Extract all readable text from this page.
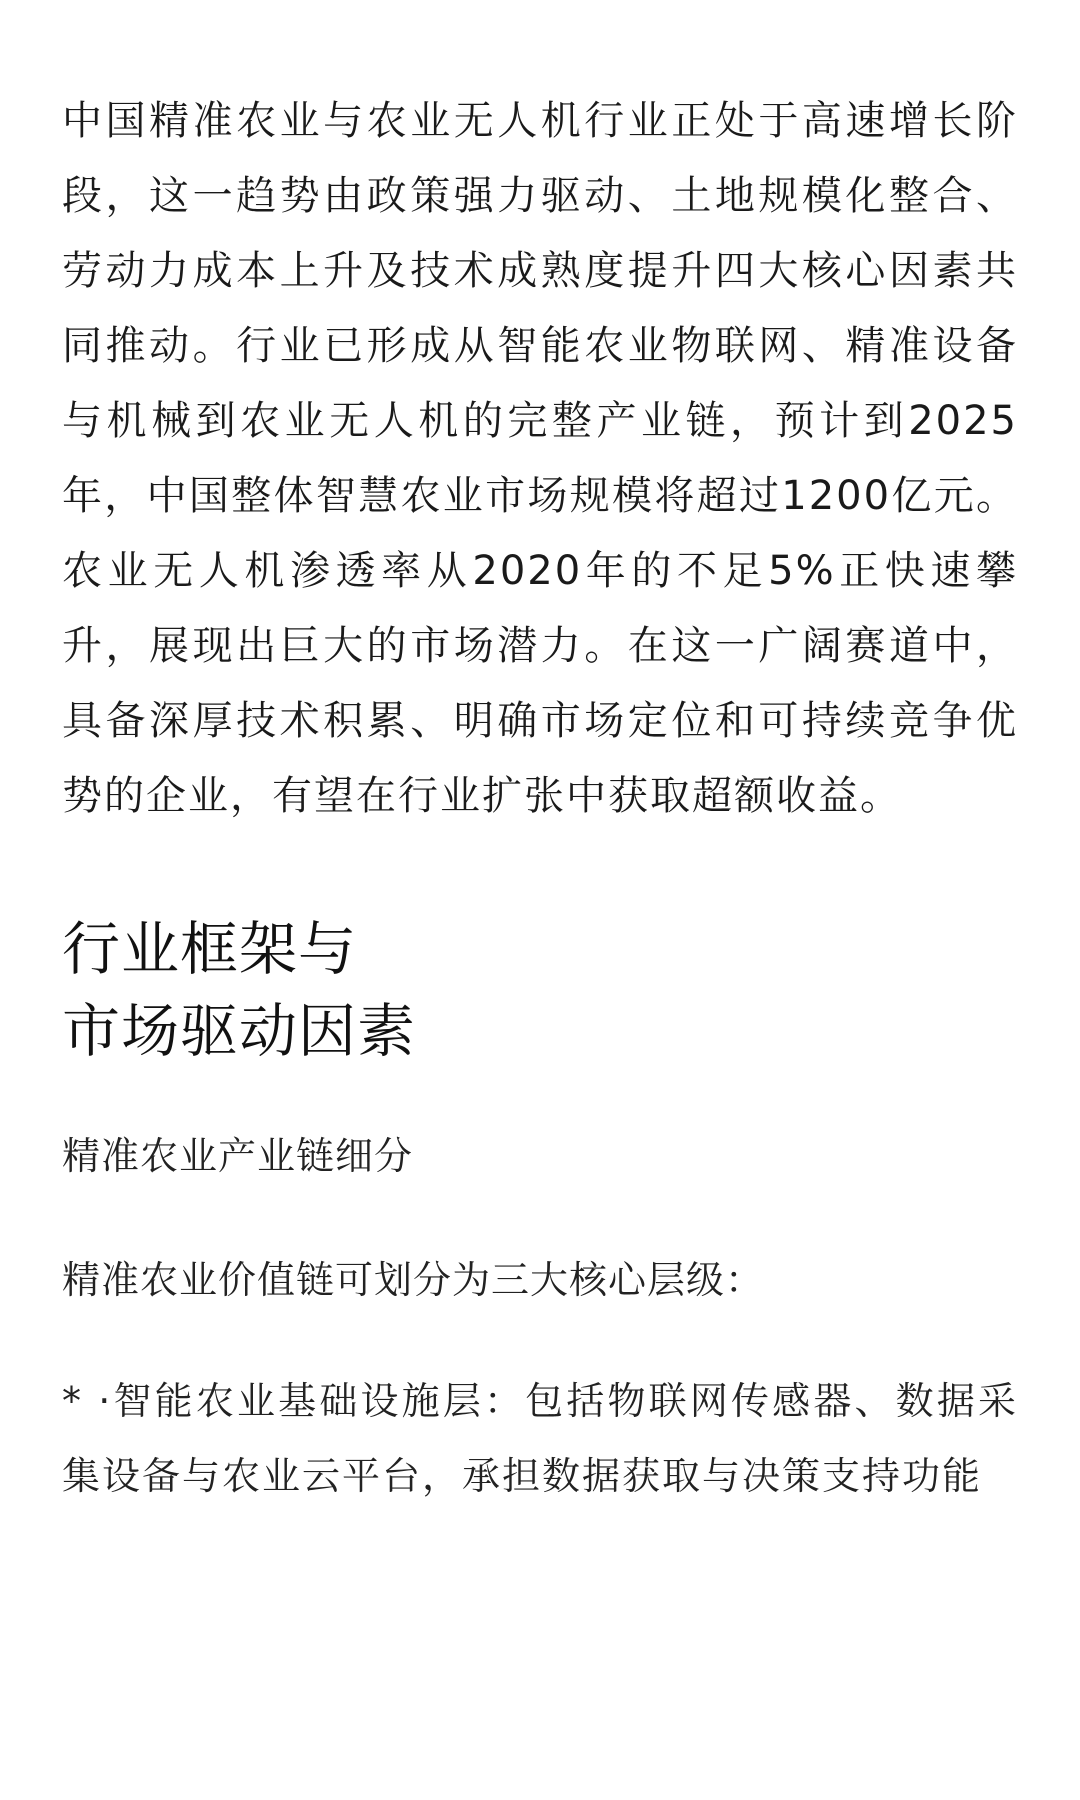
中国精准农业与农业无人机行业正处于高速增长阶段，这一趋势由政策强力驱动、土地规模化整合、劳动力成本上升及技术成熟度提升四大核心因素共同推动。行业已形成从智能农业物联网、精准设备与机械到农业无人机的完整产业链，预计到2025年，中国整体智慧农业市场规模将超过1200亿元。农业无人机渗透率从2020年的不足5%正快速攀升，展现出巨大的市场潜力。在这一广阔赛道中，具备深厚技术积累、明确市场定位和可持续竞争优势的企业，有望在行业扩张中获取超额收益。

行业框架与
市场驱动因素

精准农业产业链细分

精准农业价值链可划分为三大核心层级：

* ·智能农业基础设施层：包括物联网传感器、数据采集设备与农业云平台，承担数据获取与决策支持功能
